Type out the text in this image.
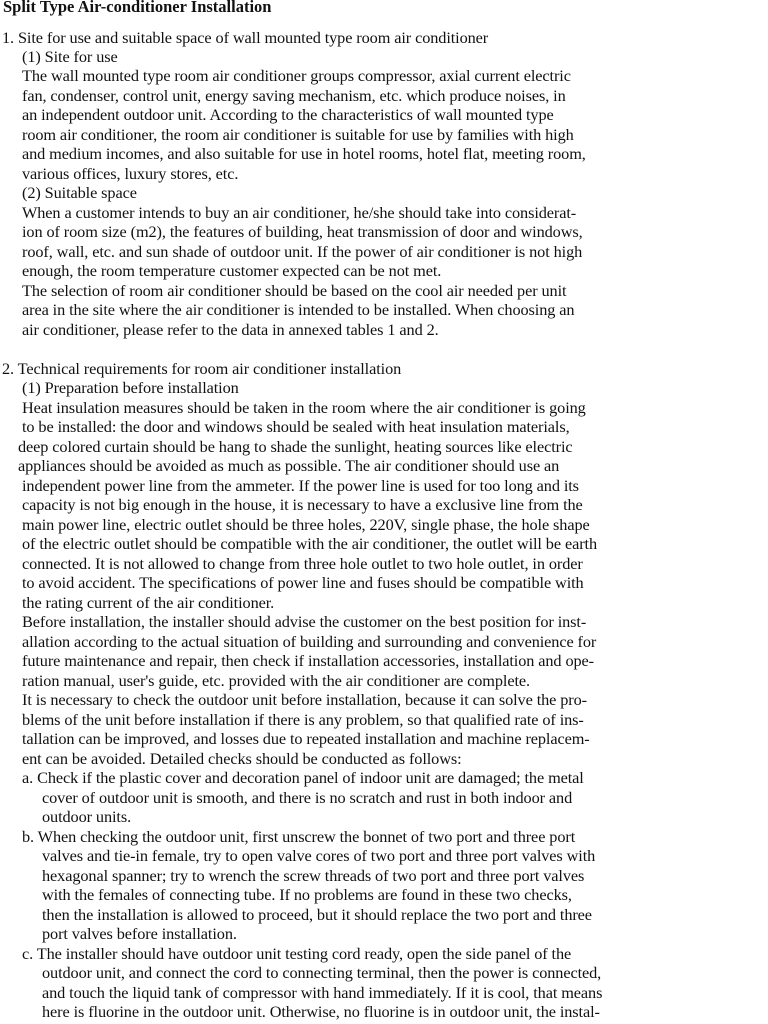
Split Type Air-conditioner Installation
1. Site for use and suitable space of wall mounted type room air conditioner
(1) Site for use
The wall mounted type room air conditioner groups compressor, axial current electric
fan, condenser, control unit, energy saving mechanism, etc. which produce noises, in
an independent outdoor unit. According to the characteristics of wall mounted type
room air conditioner, the room air conditioner is suitable for use by families with high
and medium incomes, and also suitable for use in hotel rooms, hotel flat, meeting room,
various offices, luxury stores, etc.
(2) Suitable space
When a customer intends to buy an air conditioner, he/she should take into considerat-
ion of room size (m2), the features of building, heat transmission of door and windows,
roof, wall, etc. and sun shade of outdoor unit. If the power of air conditioner is not high
enough, the room temperature customer expected can be not met.
The selection of room air conditioner should be based on the cool air needed per unit
area in the site where the air conditioner is intended to be installed. When choosing an
air conditioner, please refer to the data in annexed tables 1 and 2.
2. Technical requirements for room air conditioner installation
(1) Preparation before installation
Heat insulation measures should be taken in the room where the air conditioner is going
to be installed: the door and windows should be sealed with heat insulation materials,
deep colored curtain should be hang to shade the sunlight, heating sources like electric
appliances should be avoided as much as possible. The air conditioner should use an
independent power line from the ammeter. If the power line is used for too long and its
capacity is not big enough in the house, it is necessary to have a exclusive line from the
main power line, electric outlet should be three holes, 220V, single phase, the hole shape
of the electric outlet should be compatible with the air conditioner, the outlet will be earth
connected. It is not allowed to change from three hole outlet to two hole outlet, in order
to avoid accident. The specifications of power line and fuses should be compatible with
the rating current of the air conditioner.
Before installation, the installer should advise the customer on the best position for inst-
allation according to the actual situation of building and surrounding and convenience for
future maintenance and repair, then check if installation accessories, installation and ope-
ration manual, user's guide, etc. provided with the air conditioner are complete.
It is necessary to check the outdoor unit before installation, because it can solve the pro-
blems of the unit before installation if there is any problem, so that qualified rate of ins-
tallation can be improved, and losses due to repeated installation and machine replacem-
ent can be avoided. Detailed checks should be conducted as follows:
a. Check if the plastic cover and decoration panel of indoor unit are damaged; the metal
cover of outdoor unit is smooth, and there is no scratch and rust in both indoor and
outdoor units.
b. When checking the outdoor unit, first unscrew the bonnet of two port and three port
valves and tie-in female, try to open valve cores of two port and three port valves with
hexagonal spanner; try to wrench the screw threads of two port and three port valves
with the females of connecting tube. If no problems are found in these two checks,
then the installation is allowed to proceed, but it should replace the two port and three
port valves before installation.
c. The installer should have outdoor unit testing cord ready, open the side panel of the
outdoor unit, and connect the cord to connecting terminal, then the power is connected,
and touch the liquid tank of compressor with hand immediately. If it is cool, that means
here is fluorine in the outdoor unit. Otherwise, no fluorine is in outdoor unit, the instal-
